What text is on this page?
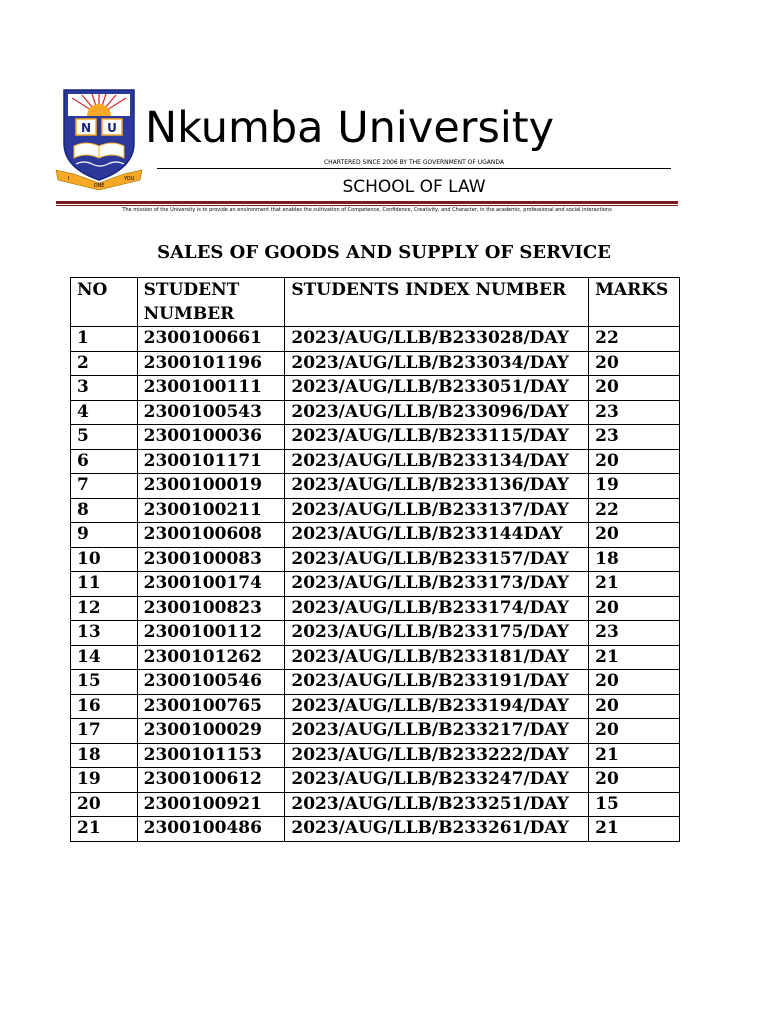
N U
I
ONE
YOU
Nkumba University
CHARTERED SINCE 2006 BY THE GOVERNMENT OF UGANDA
SCHOOL OF LAW
The mission of the University is to provide an environment that enables the cultivation of Competence, Confidence, Creativity, and Character, in the academic, professional and social interactions
SALES OF GOODS AND SUPPLY OF SERVICE
NO	STUDENT NUMBER	STUDENTS INDEX NUMBER	MARKS
1	2300100661	2023/AUG/LLB/B233028/DAY	22
2	2300101196	2023/AUG/LLB/B233034/DAY	20
3	2300100111	2023/AUG/LLB/B233051/DAY	20
4	2300100543	2023/AUG/LLB/B233096/DAY	23
5	2300100036	2023/AUG/LLB/B233115/DAY	23
6	2300101171	2023/AUG/LLB/B233134/DAY	20
7	2300100019	2023/AUG/LLB/B233136/DAY	19
8	2300100211	2023/AUG/LLB/B233137/DAY	22
9	2300100608	2023/AUG/LLB/B233144DAY	20
10	2300100083	2023/AUG/LLB/B233157/DAY	18
11	2300100174	2023/AUG/LLB/B233173/DAY	21
12	2300100823	2023/AUG/LLB/B233174/DAY	20
13	2300100112	2023/AUG/LLB/B233175/DAY	23
14	2300101262	2023/AUG/LLB/B233181/DAY	21
15	2300100546	2023/AUG/LLB/B233191/DAY	20
16	2300100765	2023/AUG/LLB/B233194/DAY	20
17	2300100029	2023/AUG/LLB/B233217/DAY	20
18	2300101153	2023/AUG/LLB/B233222/DAY	21
19	2300100612	2023/AUG/LLB/B233247/DAY	20
20	2300100921	2023/AUG/LLB/B233251/DAY	15
21	2300100486	2023/AUG/LLB/B233261/DAY	21
